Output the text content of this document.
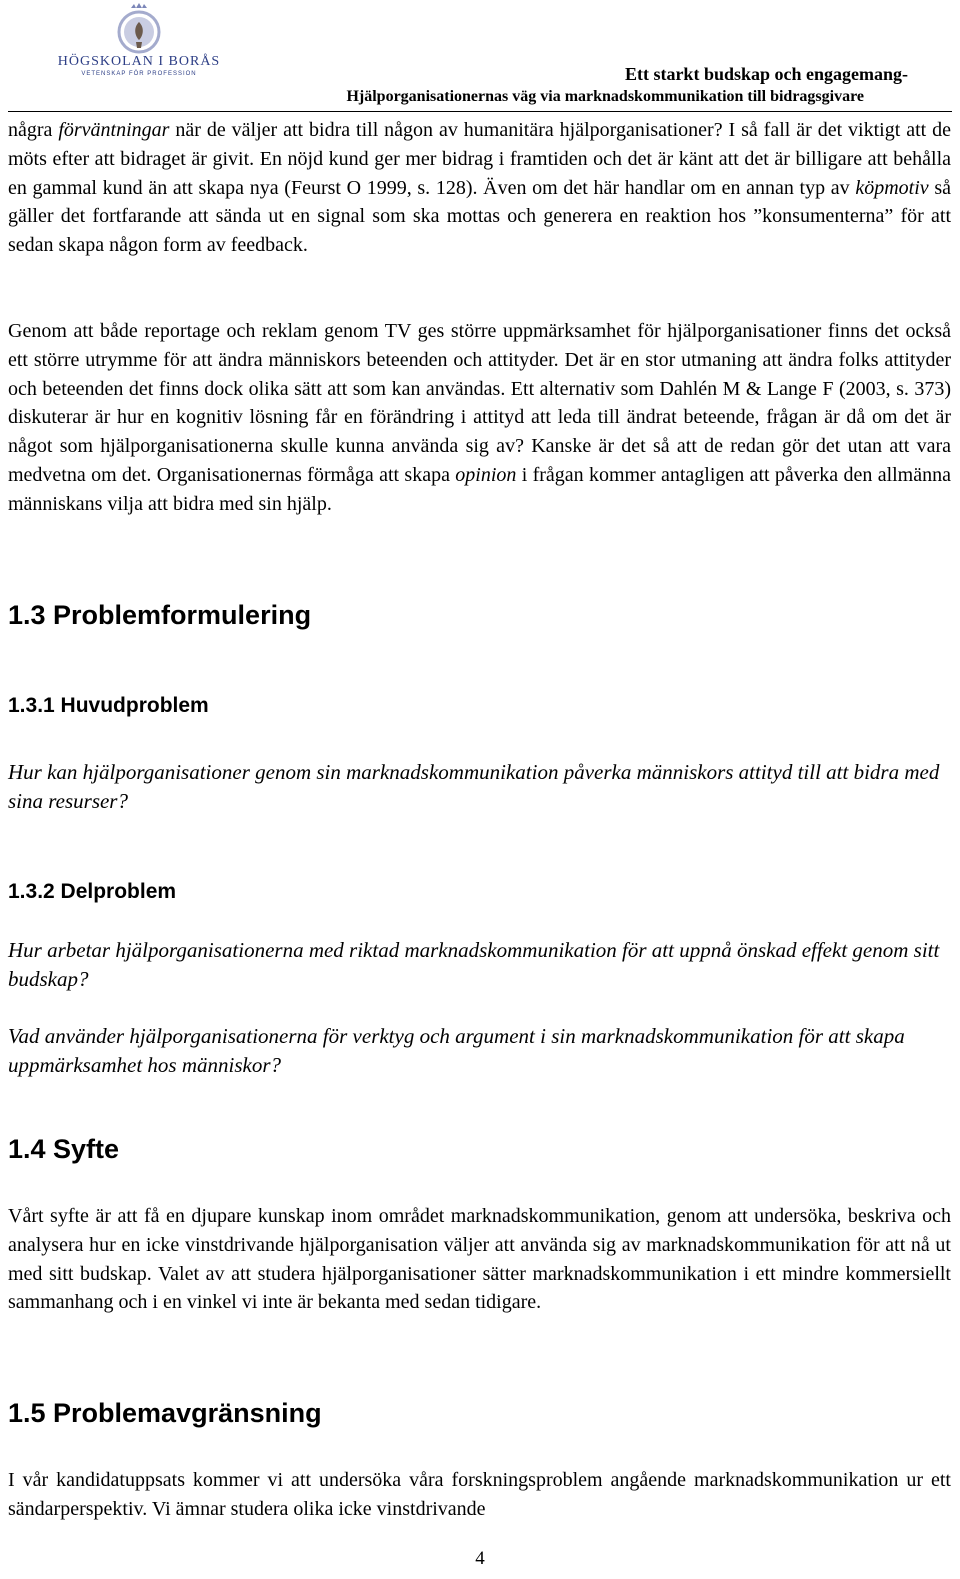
HÖGSKOLAN I BORÅS
VETENSKAP FÖR PROFESSION	Ett starkt budskap och engagemang-
Hjälporganisationernas väg via marknadskommunikation till bidragsgivare

några förväntningar när de väljer att bidra till någon av humanitära hjälporganisationer? I så fall är det viktigt att de möts efter att bidraget är givit. En nöjd kund ger mer bidrag i framtiden och det är känt att det är billigare att behålla en gammal kund än att skapa nya (Feurst O 1999, s. 128). Även om det här handlar om en annan typ av köpmotiv så gäller det fortfarande att sända ut en signal som ska mottas och generera en reaktion hos ”konsumenterna” för att sedan skapa någon form av feedback.

Genom att både reportage och reklam genom TV ges större uppmärksamhet för hjälporganisationer finns det också ett större utrymme för att ändra människors beteenden och attityder. Det är en stor utmaning att ändra folks attityder och beteenden det finns dock olika sätt att som kan användas. Ett alternativ som Dahlén M & Lange F (2003, s. 373) diskuterar är hur en kognitiv lösning får en förändring i attityd att leda till ändrat beteende, frågan är då om det är något som hjälporganisationerna skulle kunna använda sig av? Kanske är det så att de redan gör det utan att vara medvetna om det. Organisationernas förmåga att skapa opinion i frågan kommer antagligen att påverka den allmänna människans vilja att bidra med sin hjälp.

1.3 Problemformulering

1.3.1 Huvudproblem

Hur kan hjälporganisationer genom sin marknadskommunikation påverka människors attityd till att bidra med sina resurser?

1.3.2 Delproblem

Hur arbetar hjälporganisationerna med riktad marknadskommunikation för att uppnå önskad effekt genom sitt budskap?

Vad använder hjälporganisationerna för verktyg och argument i sin marknadskommunikation för att skapa uppmärksamhet hos människor?

1.4 Syfte

Vårt syfte är att få en djupare kunskap inom området marknadskommunikation, genom att undersöka, beskriva och analysera hur en icke vinstdrivande hjälporganisation väljer att använda sig av marknadskommunikation för att nå ut med sitt budskap. Valet av att studera hjälporganisationer sätter marknadskommunikation i ett mindre kommersiellt sammanhang och i en vinkel vi inte är bekanta med sedan tidigare.

1.5 Problemavgränsning

I vår kandidatuppsats kommer vi att undersöka våra forskningsproblem angående marknadskommunikation ur ett sändarperspektiv. Vi ämnar studera olika icke vinstdrivande

4
